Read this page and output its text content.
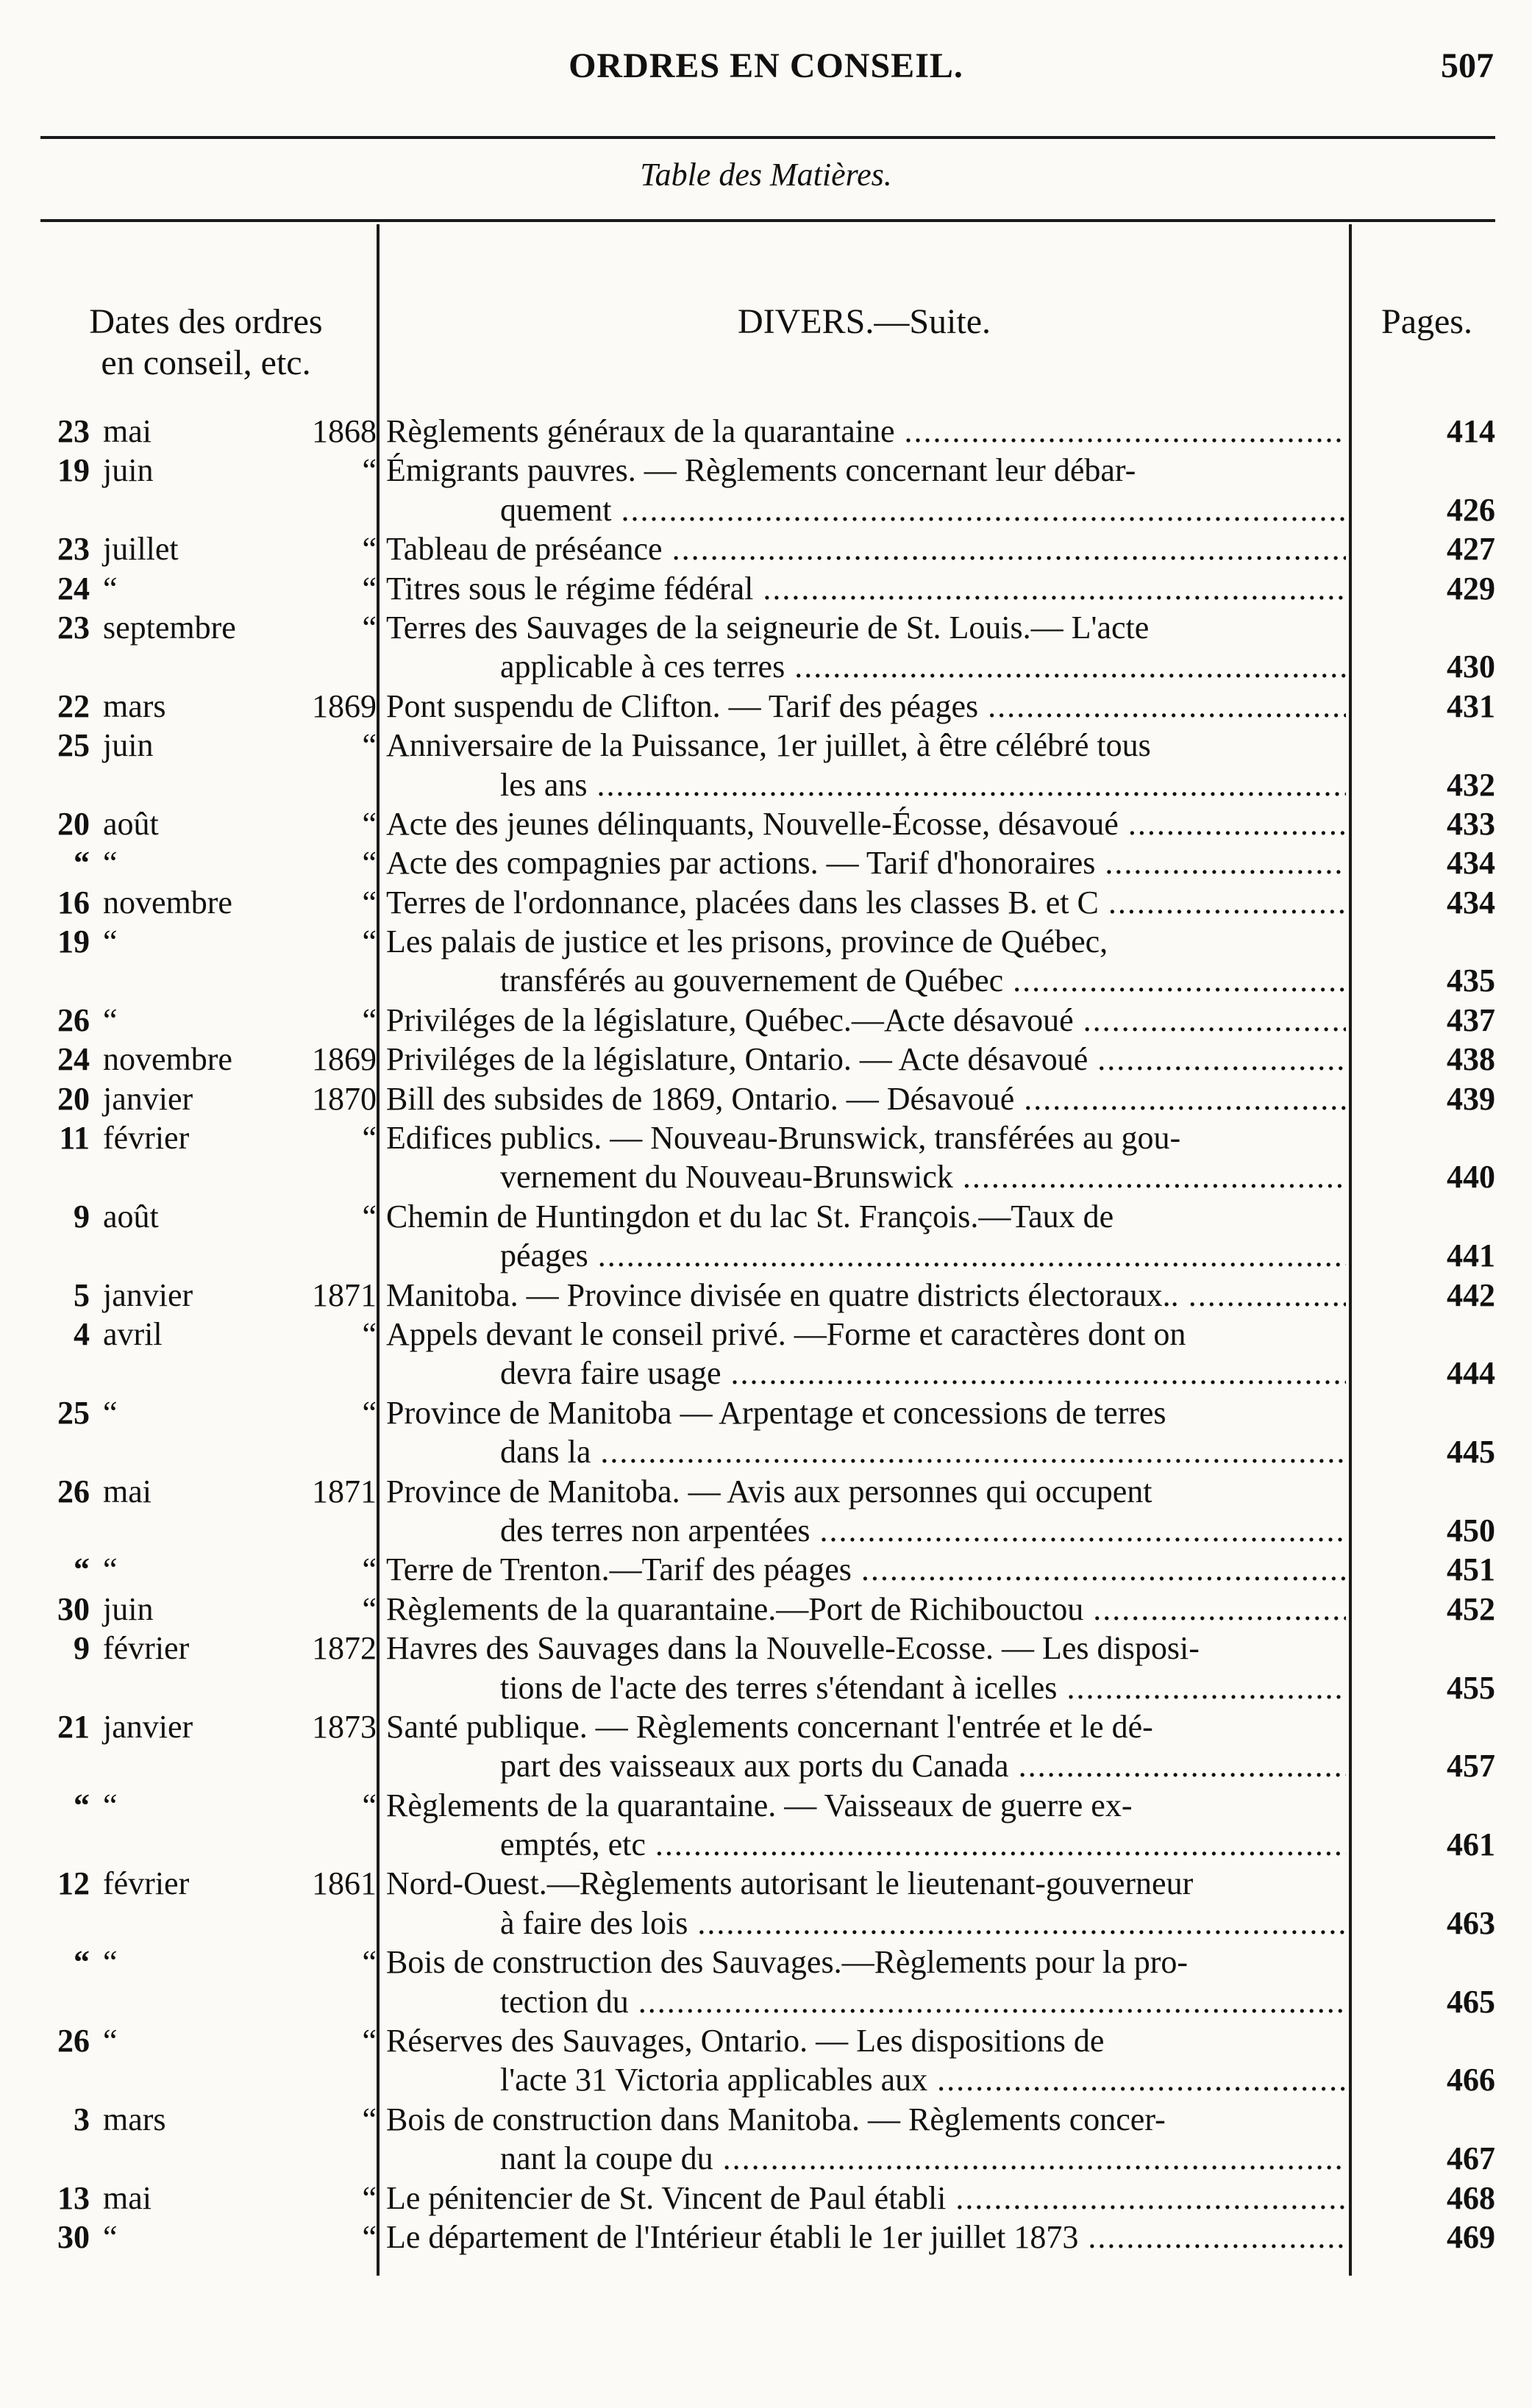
ORDRES EN CONSEIL.	507
Table des Matières.
Dates des ordres
en conseil, etc.
DIVERS.—Suite.	Pages.
23 mai	1868 Règlements généraux de la quarantaine .....	414
19 juin	“ Émigrants pauvres. — Règlements concernant leur débar-
quement .....	426
23 juillet	“ Tableau de préséance .....	427
24 “	“ Titres sous le régime fédéral .....	429
23 septembre	“ Terres des Sauvages de la seigneurie de St. Louis.— L'acte
applicable à ces terres .....	430
22 mars	1869 Pont suspendu de Clifton. — Tarif des péages .....	431
25 juin	“ Anniversaire de la Puissance, 1er juillet, à être célébré tous
les ans .....	432
20 août	“ Acte des jeunes délinquants, Nouvelle-Écosse, désavoué .....	433
“ “	“ Acte des compagnies par actions. — Tarif d'honoraires .....	434
16 novembre	“ Terres de l'ordonnance, placées dans les classes B. et C .....	434
19 “	“ Les palais de justice et les prisons, province de Québec,
transférés au gouvernement de Québec .....	435
26 “	“ Priviléges de la législature, Québec.—Acte désavoué .....	437
24 novembre	1869 Priviléges de la législature, Ontario. — Acte désavoué .....	438
20 janvier	1870 Bill des subsides de 1869, Ontario. — Désavoué .....	439
11 février	“ Edifices publics. — Nouveau-Brunswick, transférées au gou-
vernement du Nouveau-Brunswick .....	440
9 août	“ Chemin de Huntingdon et du lac St. François.—Taux de
péages .....	441
5 janvier	1871 Manitoba. — Province divisée en quatre districts électoraux.. .....	442
4 avril	“ Appels devant le conseil privé. —Forme et caractères dont on
devra faire usage .....	444
25 “	“ Province de Manitoba — Arpentage et concessions de terres
dans la .....	445
26 mai	1871 Province de Manitoba. — Avis aux personnes qui occupent
des terres non arpentées .....	450
“ “	“ Terre de Trenton.—Tarif des péages .....	451
30 juin	“ Règlements de la quarantaine.—Port de Richibouctou .....	452
9 février	1872 Havres des Sauvages dans la Nouvelle-Ecosse. — Les disposi-
tions de l'acte des terres s'étendant à icelles .....	455
21 janvier	1873 Santé publique. — Règlements concernant l'entrée et le dé-
part des vaisseaux aux ports du Canada .....	457
“ “	“ Règlements de la quarantaine. — Vaisseaux de guerre ex-
emptés, etc .....	461
12 février	1861 Nord-Ouest.—Règlements autorisant le lieutenant-gouverneur
à faire des lois .....	463
“ “	“ Bois de construction des Sauvages.—Règlements pour la pro-
tection du .....	465
26 “	“ Réserves des Sauvages, Ontario. — Les dispositions de
l'acte 31 Victoria applicables aux .....	466
3 mars	“ Bois de construction dans Manitoba. — Règlements concer-
nant la coupe du .....	467
13 mai	“ Le pénitencier de St. Vincent de Paul établi .....	468
30 “	“ Le département de l'Intérieur établi le 1er juillet 1873 .....	469
